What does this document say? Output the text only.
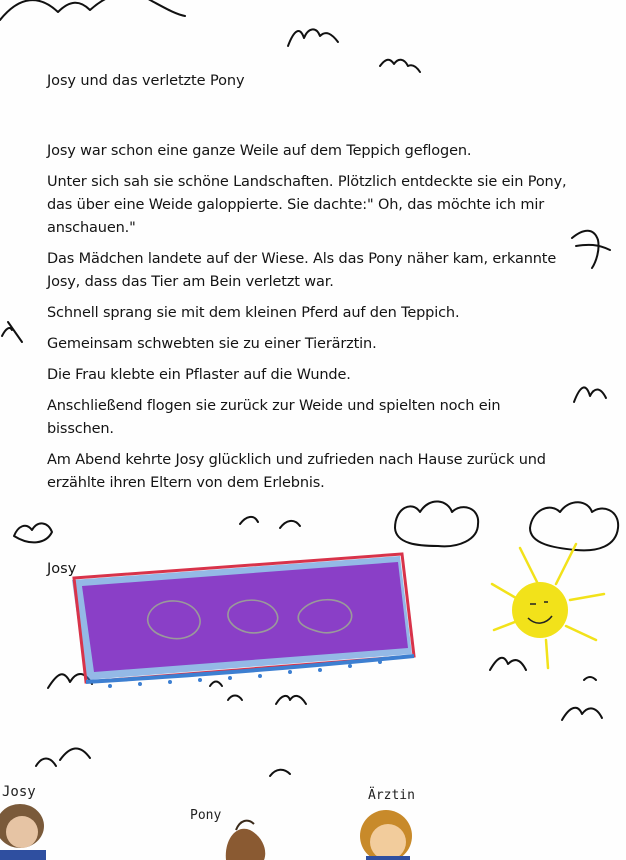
Josy und das verletzte Pony

Josy war schon eine ganze Weile auf dem Teppich geflogen.

Unter sich sah sie schöne Landschaften. Plötzlich entdeckte sie ein Pony, das über eine Weide galoppierte. Sie dachte:" Oh, das möchte ich mir anschauen."

Das Mädchen landete auf der Wiese. Als das Pony näher kam, erkannte Josy, dass das Tier am Bein verletzt war.

Schnell sprang sie mit dem kleinen Pferd auf den Teppich.

Gemeinsam schwebten sie zu einer Tierärztin.

Die Frau klebte ein Pflaster auf die Wunde.

Anschließend flogen sie zurück zur Weide und spielten noch ein bisschen.

Am Abend kehrte Josy glücklich und zufrieden nach Hause zurück und erzählte ihren Eltern von dem Erlebnis.

Josy
Josy
Pony
Ärztin
